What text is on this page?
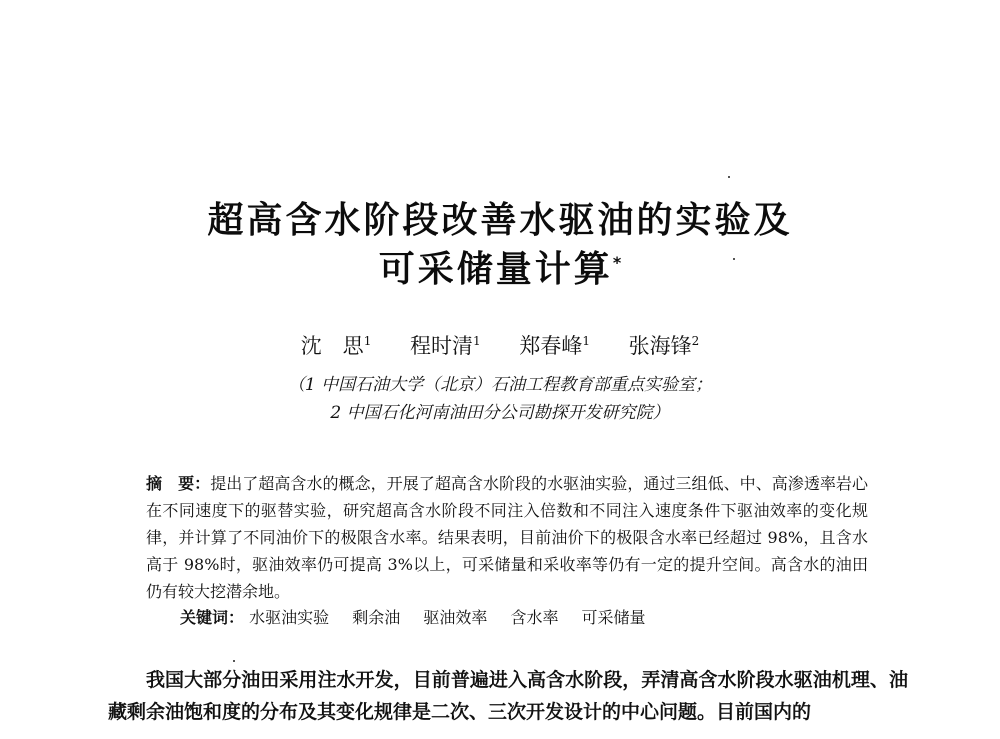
超高含水阶段改善水驱油的实验及
可采储量计算*
沈　思$^1$ 程时清$^1$ 郑春峰$^1$ 张海锋$^2$
（1 中国石油大学（北京）石油工程教育部重点实验室；
2 中国石化河南油田分公司勘探开发研究院）
摘　要：提出了超高含水的概念，开展了超高含水阶段的水驱油实验，通过三组低、中、高渗透率岩心在不同速度下的驱替实验，研究超高含水阶段不同注入倍数和不同注入速度条件下驱油效率的变化规律，并计算了不同油价下的极限含水率。结果表明，目前油价下的极限含水率已经超过 98%，且含水高于 98%时，驱油效率仍可提高 3%以上，可采储量和采收率等仍有一定的提升空间。高含水的油田仍有较大挖潜余地。
关键词： 水驱油实验 剩余油 驱油效率 含水率 可采储量
我国大部分油田采用注水开发，目前普遍进入高含水阶段，弄清高含水阶段水驱油机理、油藏剩余油饱和度的分布及其变化规律是二次、三次开发设计的中心问题。目前国内的
